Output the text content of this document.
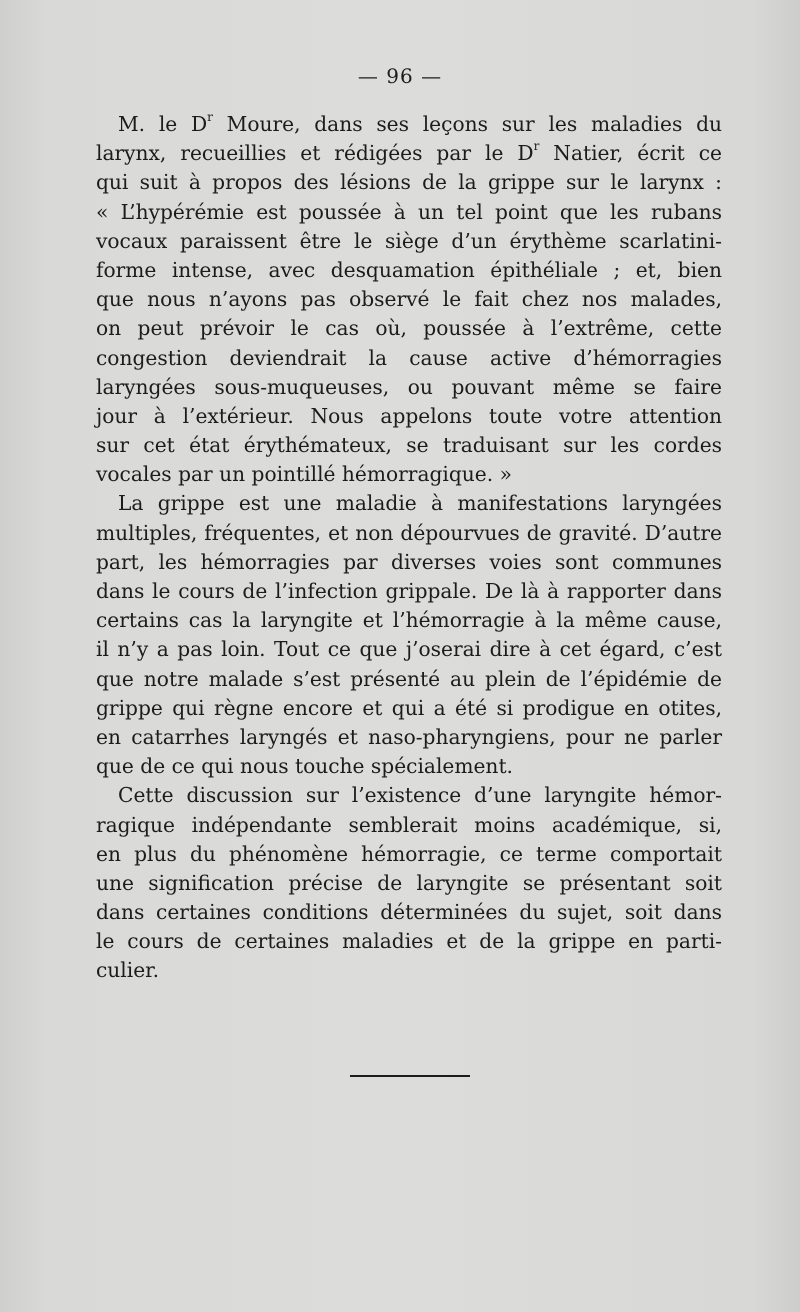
— 96 —
M. le $D^r$ Moure, dans ses leçons sur les maladies du
larynx, recueillies et rédigées par le $D^r$ Natier, écrit ce
qui suit à propos des lésions de la grippe sur le larynx :
« L’hypérémie est poussée à un tel point que les rubans
vocaux paraissent être le siège d’un érythème scarlatini-
forme intense, avec desquamation épithéliale ; et, bien
que nous n’ayons pas observé le fait chez nos malades,
on peut prévoir le cas où, poussée à l’extrême, cette
congestion deviendrait la cause active d’hémorragies
laryngées sous-muqueuses, ou pouvant même se faire
jour à l’extérieur. Nous appelons toute votre attention
sur cet état érythémateux, se traduisant sur les cordes
vocales par un pointillé hémorragique. »
La grippe est une maladie à manifestations laryngées
multiples, fréquentes, et non dépourvues de gravité. D’autre
part, les hémorragies par diverses voies sont communes
dans le cours de l’infection grippale. De là à rapporter dans
certains cas la laryngite et l’hémorragie à la même cause,
il n’y a pas loin. Tout ce que j’oserai dire à cet égard, c’est
que notre malade s’est présenté au plein de l’épidémie de
grippe qui règne encore et qui a été si prodigue en otites,
en catarrhes laryngés et naso-pharyngiens, pour ne parler
que de ce qui nous touche spécialement.
Cette discussion sur l’existence d’une laryngite hémor-
ragique indépendante semblerait moins académique, si,
en plus du phénomène hémorragie, ce terme comportait
une signification précise de laryngite se présentant soit
dans certaines conditions déterminées du sujet, soit dans
le cours de certaines maladies et de la grippe en parti-
culier.
